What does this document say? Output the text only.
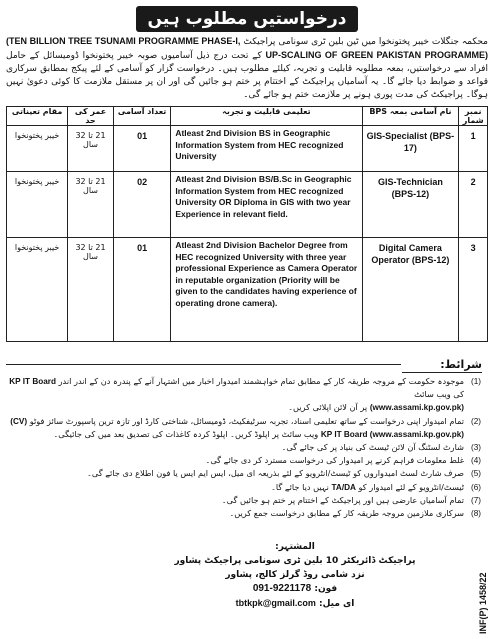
درخواستیں مطلوب ہیں
محکمہ جنگلات خیبر پختونخوا میں ٹین بلین ٹری سونامی پراجیکٹ (TEN BILLION TREE TSUNAMI PROGRAMME PHASE-I, UP-SCALING OF GREEN PAKISTAN PROGRAMME) کے تحت درج ذیل آسامیوں صوبہ خیبر پختونخوا ڈومیسائل کے حامل افراد سے درخواستیں، بمعہ مطلوبہ قابلیت و تجربہ، کیلئے مطلوب ہیں۔ درخواست گزار کو آسامی کے لئے پیکج بمطابق سرکاری قواعد و ضوابط دیا جائے گا۔ یہ آسامیاں پراجیکٹ کے اختتام پر ختم ہو جائیں گی اور ان پر مستقل ملازمت کا کوئی دعویٰ نہیں ہوگا۔ پراجیکٹ کی مدت پوری ہونے پر ملازمت ختم ہو جائے گی۔
مقام تعیناتی	عمر کی حد	تعداد آسامی	تعلیمی قابلیت و تجربہ	نام آسامی بمعہ BPS	نمبر شمار
خیبر پختونخوا	21 تا 32 سال	01	Atleast 2nd Division BS in Geographic Information System from HEC recognized University	GIS-Specialist (BPS-17)	1
خیبر پختونخوا	21 تا 32 سال	02	Atleast 2nd Division BS/B.Sc in Geographic Information System from HEC recognized University OR Diploma in GIS with two year Experience in relevant field.	GIS-Technician (BPS-12)	2
خیبر پختونخوا	21 تا 32 سال	01	Atleast 2nd Division Bachelor Degree from HEC recognized University with three year professional Experience as Camera Operator in reputable organization (Priority will be given to the candidates having experience of operating drone camera).	Digital Camera Operator (BPS-12)	3
شرائط:
(1)
موجودہ حکومت کے مروجہ طریقہ کار کے مطابق تمام خواہشمند امیدوار اخبار میں اشتہار آنے کے پندرہ دن کے اندر اندر KP IT Board کی ویب سائٹ
(www.assami.kp.gov.pk) پر آن لائن اپلائی کریں۔
(2)
تمام امیدوار اپنی درخواست کے ساتھ تعلیمی اسناد، تجربہ سرٹیفکیٹ، ڈومیسائل، شناختی کارڈ اور تازہ ترین پاسپورٹ سائز فوٹو (CV)
KP IT Board (www.assami.kp.gov.pk) ویب سائٹ پر اپلوڈ کریں۔ اپلوڈ کردہ کاغذات کی تصدیق بعد میں کی جائیگی۔
(3)
شارٹ لسٹنگ آن لائن ٹیسٹ کی بنیاد پر کی جائے گی۔
(4)
غلط معلومات فراہم کرنے پر امیدوار کی درخواست مسترد کر دی جائے گی۔
(5)
صرف شارٹ لسٹ امیدواروں کو ٹیسٹ/انٹرویو کے لئے بذریعہ ای میل، ایس ایم ایس یا فون اطلاع دی جائے گی۔
(6)
ٹیسٹ/انٹرویو کے لئے امیدوار کو TA/DA نہیں دیا جائے گا۔
(7)
تمام آسامیاں عارضی ہیں اور پراجیکٹ کے اختتام پر ختم ہو جائیں گی۔
(8)
سرکاری ملازمین مروجہ طریقہ کار کے مطابق درخواست جمع کریں۔
المشتہر:
پراجیکٹ ڈائریکٹر 10 بلین ٹری سونامی پراجیکٹ پشاور
نزد شامی روڈ گرلز کالج، پشاور
فون: 091-9221178
ای میل: tbtkpk@gmail.com	INF(P) 1458/22
